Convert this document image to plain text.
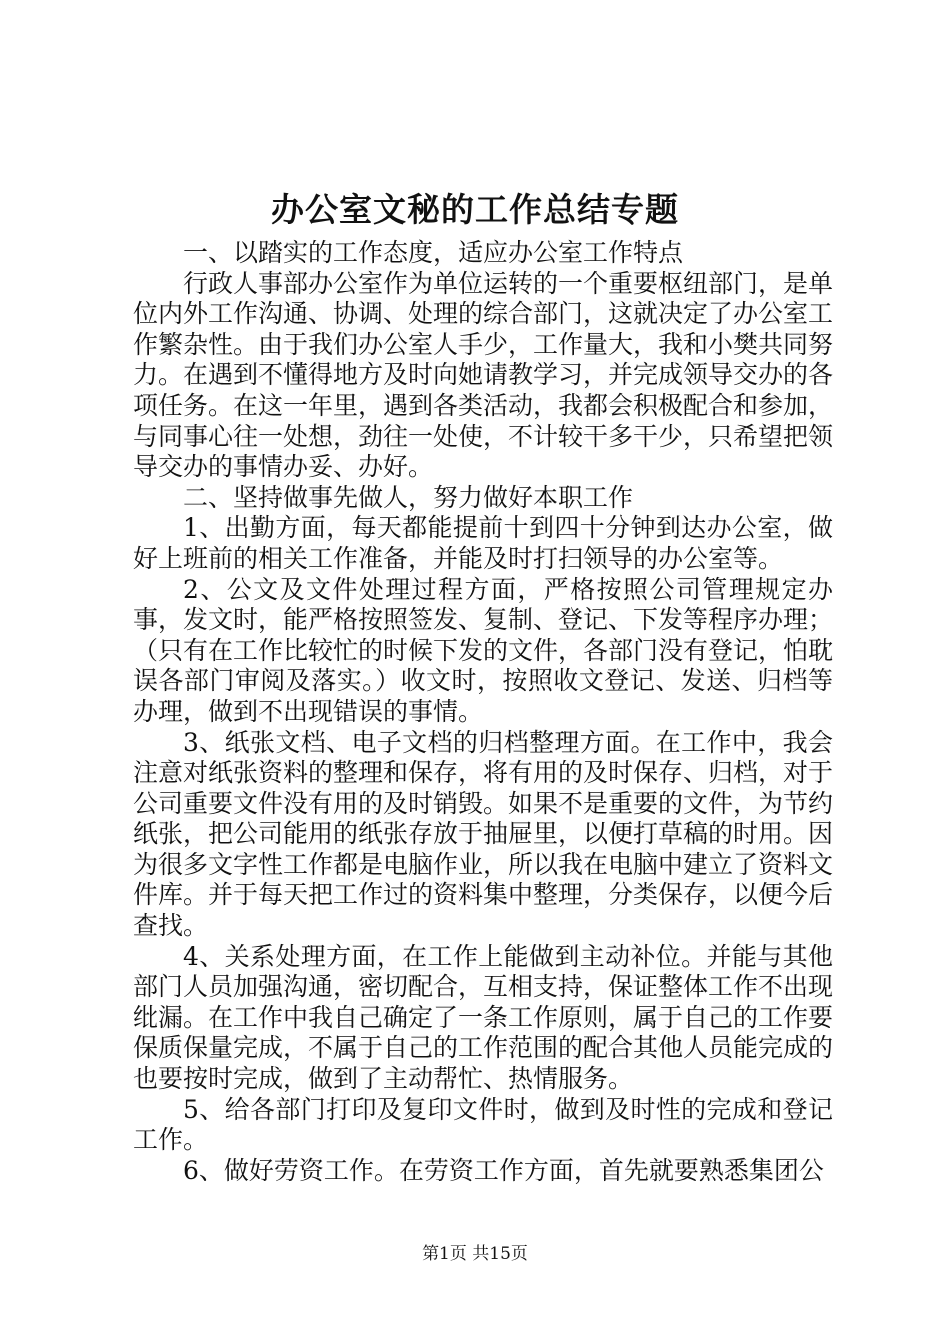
办公室文秘的工作总结专题

一、以踏实的工作态度，适应办公室工作特点

行政人事部办公室作为单位运转的一个重要枢纽部门，是单位内外工作沟通、协调、处理的综合部门，这就决定了办公室工作繁杂性。由于我们办公室人手少，工作量大，我和小樊共同努力。在遇到不懂得地方及时向她请教学习，并完成领导交办的各项任务。在这一年里，遇到各类活动，我都会积极配合和参加，与同事心往一处想，劲往一处使，不计较干多干少，只希望把领导交办的事情办妥、办好。

二、坚持做事先做人，努力做好本职工作

1、出勤方面，每天都能提前十到四十分钟到达办公室，做好上班前的相关工作准备，并能及时打扫领导的办公室等。

2、公文及文件处理过程方面，严格按照公司管理规定办事，发文时，能严格按照签发、复制、登记、下发等程序办理；（只有在工作比较忙的时候下发的文件，各部门没有登记，怕耽误各部门审阅及落实。）收文时，按照收文登记、发送、归档等办理，做到不出现错误的事情。

3、纸张文档、电子文档的归档整理方面。在工作中，我会注意对纸张资料的整理和保存，将有用的及时保存、归档，对于公司重要文件没有用的及时销毁。如果不是重要的文件，为节约纸张，把公司能用的纸张存放于抽屉里，以便打草稿的时用。因为很多文字性工作都是电脑作业，所以我在电脑中建立了资料文件库。并于每天把工作过的资料集中整理，分类保存，以便今后查找。

4、关系处理方面，在工作上能做到主动补位。并能与其他部门人员加强沟通，密切配合，互相支持，保证整体工作不出现纰漏。在工作中我自己确定了一条工作原则，属于自己的工作要保质保量完成，不属于自己的工作范围的配合其他人员能完成的也要按时完成，做到了主动帮忙、热情服务。

5、给各部门打印及复印文件时，做到及时性的完成和登记工作。

6、做好劳资工作。在劳资工作方面，首先就要熟悉集团公

第1页 共15页
